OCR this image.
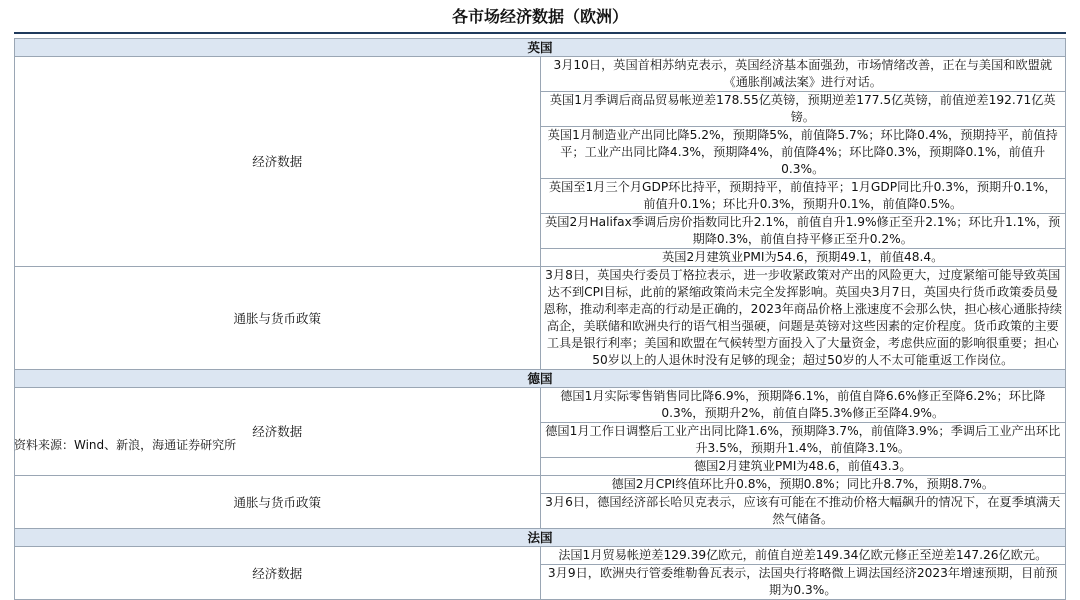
各市场经济数据（欧洲）
英国	
经济数据	3月10日，英国首相苏纳克表示，英国经济基本面强劲，市场情绪改善，正在与美国和欧盟就《通胀削减法案》进行对话。
	英国1月季调后商品贸易帐逆差178.55亿英镑，预期逆差177.5亿英镑，前值逆差192.71亿英镑。
	英国1月制造业产出同比降5.2%，预期降5%，前值降5.7%；环比降0.4%，预期持平，前值持平；工业产出同比降4.3%，预期降4%，前值降4%；环比降0.3%，预期降0.1%，前值升0.3%。
	英国至1月三个月GDP环比持平，预期持平，前值持平；1月GDP同比升0.3%，预期升0.1%，前值升0.1%；环比升0.3%，预期升0.1%，前值降0.5%。
	英国2月Halifax季调后房价指数同比升2.1%，前值自升1.9%修正至升2.1%；环比升1.1%，预期降0.3%，前值自持平修正至升0.2%。
	英国2月建筑业PMI为54.6，预期49.1，前值48.4。
通胀与货币政策	3月8日，英国央行委员丁格拉表示，进一步收紧政策对产出的风险更大，过度紧缩可能导致英国达不到CPI目标，此前的紧缩政策尚未完全发挥影响。英国央3月7日，英国央行货币政策委员曼恩称，推动利率走高的行动是正确的，2023年商品价格上涨速度不会那么快，担心核心通胀持续高企，美联储和欧洲央行的语气相当强硬，问题是英镑对这些因素的定价程度。货币政策的主要工具是银行利率；美国和欧盟在气候转型方面投入了大量资金，考虑供应面的影响很重要；担心50岁以上的人退休时没有足够的现金；超过50岁的人不太可能重返工作岗位。
德国	
经济数据	德国1月实际零售销售同比降6.9%，预期降6.1%，前值自降6.6%修正至降6.2%；环比降0.3%，预期升2%，前值自降5.3%修正至降4.9%。
	德国1月工作日调整后工业产出同比降1.6%，预期降3.7%，前值降3.9%；季调后工业产出环比升3.5%，预期升1.4%，前值降3.1%。
	德国2月建筑业PMI为48.6，前值43.3。
通胀与货币政策	德国2月CPI终值环比升0.8%，预期0.8%；同比升8.7%，预期8.7%。
	3月6日，德国经济部长哈贝克表示，应该有可能在不推动价格大幅飙升的情况下，在夏季填满天然气储备。
法国	
经济数据	法国1月贸易帐逆差129.39亿欧元，前值自逆差149.34亿欧元修正至逆差147.26亿欧元。
	3月9日，欧洲央行管委维勒鲁瓦表示，法国央行将略微上调法国经济2023年增速预期，目前预期为0.3%。
资料来源：Wind、新浪，海通证券研究所
